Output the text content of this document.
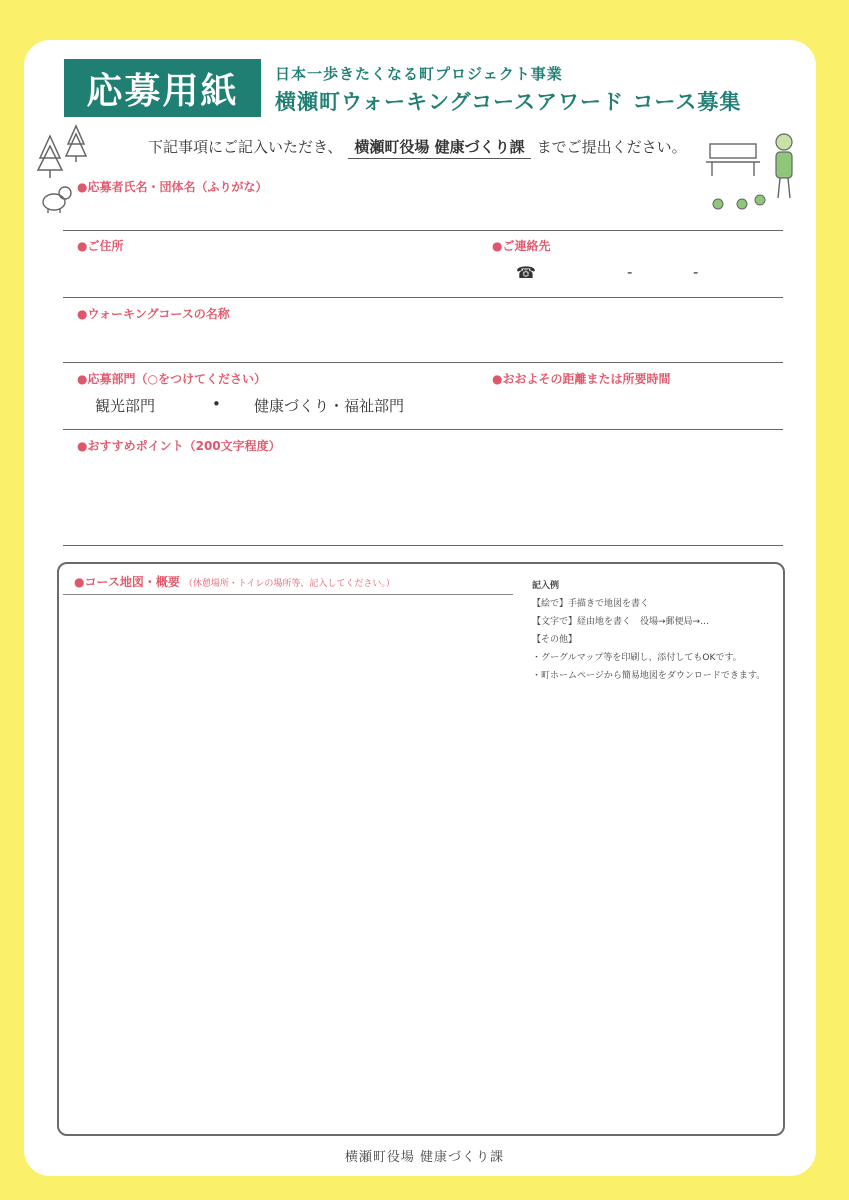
応募用紙	日本一歩きたくなる町プロジェクト事業
横瀬町ウォーキングコースアワード コース募集
下記事項にご記入いただき、 横瀬町役場 健康づくり課 までご提出ください。
●応募者氏名・団体名（ふりがな）
●ご住所	●ご連絡先
☎	-	-
●ウォーキングコースの名称
●応募部門（○をつけてください）	●おおよその距離または所要時間
観光部門	• 健康づくり・福祉部門
●おすすめポイント（200文字程度）
●コース地図・概要 （休憩場所・トイレの場所等、記入してください。）	記入例
【絵で】手描きで地図を書く
【文字で】経由地を書く　役場→郵便局→…
【その他】
・グーグルマップ等を印刷し、添付してもOKです。
・町ホームページから簡易地図をダウンロードできます。
横瀬町役場 健康づくり課
